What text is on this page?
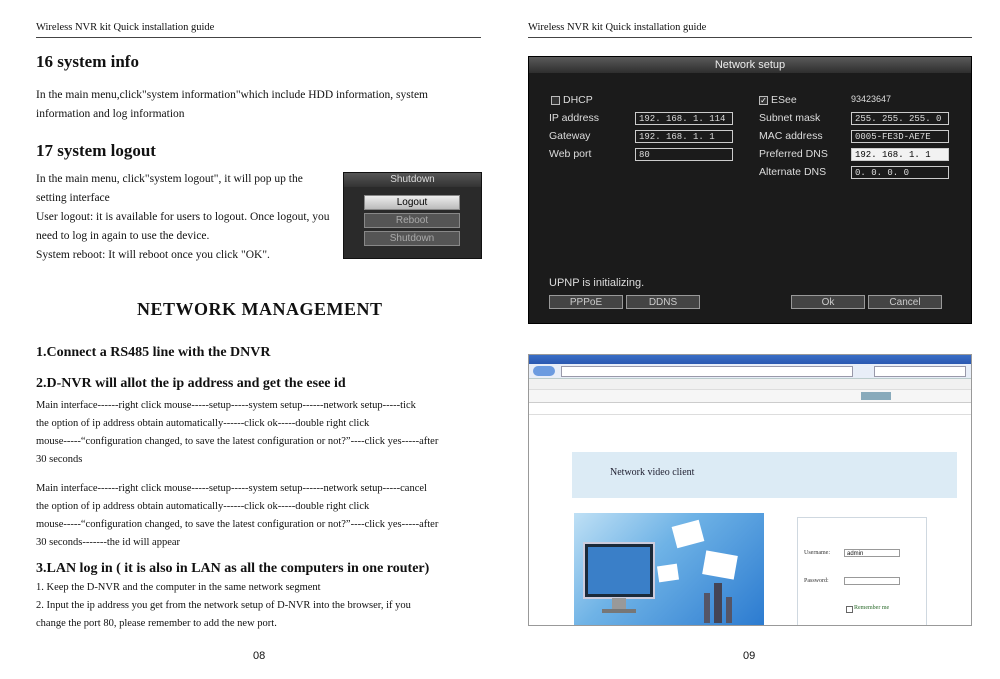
Wireless NVR kit Quick installation guide
16 system info
In the main menu,click"system information"which include HDD information, system
information and log information
17 system logout
In the main menu, click"system logout", it will pop up the
setting interface
User logout: it is available for users to logout. Once logout, you
need to log in again to use the device.
System reboot: It will reboot once you click "OK".
Shutdown
Logout
Reboot
Shutdown
NETWORK MANAGEMENT
1.Connect a RS485 line with the DNVR
2.D-NVR will allot the ip address and get the esee id
Main interface------right click mouse-----setup-----system setup------network setup-----tick
the option of ip address obtain automatically------click ok-----double right click
mouse-----“configuration changed, to save the latest configuration or not?”----click yes-----after
30 seconds
Main interface------right click mouse-----setup-----system setup------network setup-----cancel
the option of ip address obtain automatically------click ok-----double right click
mouse-----“configuration changed, to save the latest configuration or not?”----click yes-----after
30 seconds-------the id will appear
3.LAN log in ( it is also in LAN as all the computers in one router)
1. Keep the D-NVR and the computer in the same network segment
2. Input the ip address you get from the network setup of D-NVR into the browser, if you
change the port 80, please remember to add the new port.
08
Wireless NVR kit Quick installation guide
09
Network setup
DHCP
IP address	192. 168. 1. 114
Gateway	192. 168. 1. 1
Web port	80
✓ ESee	93423647
Subnet mask	255. 255. 255. 0
MAC address	0005-FE3D-AE7E
Preferred DNS	192. 168. 1. 1
Alternate DNS	0. 0. 0. 0
UPNP is initializing.
PPPoE	DDNS	Ok	Cancel
Network video client
Username:	admin
Password:
Remember me
